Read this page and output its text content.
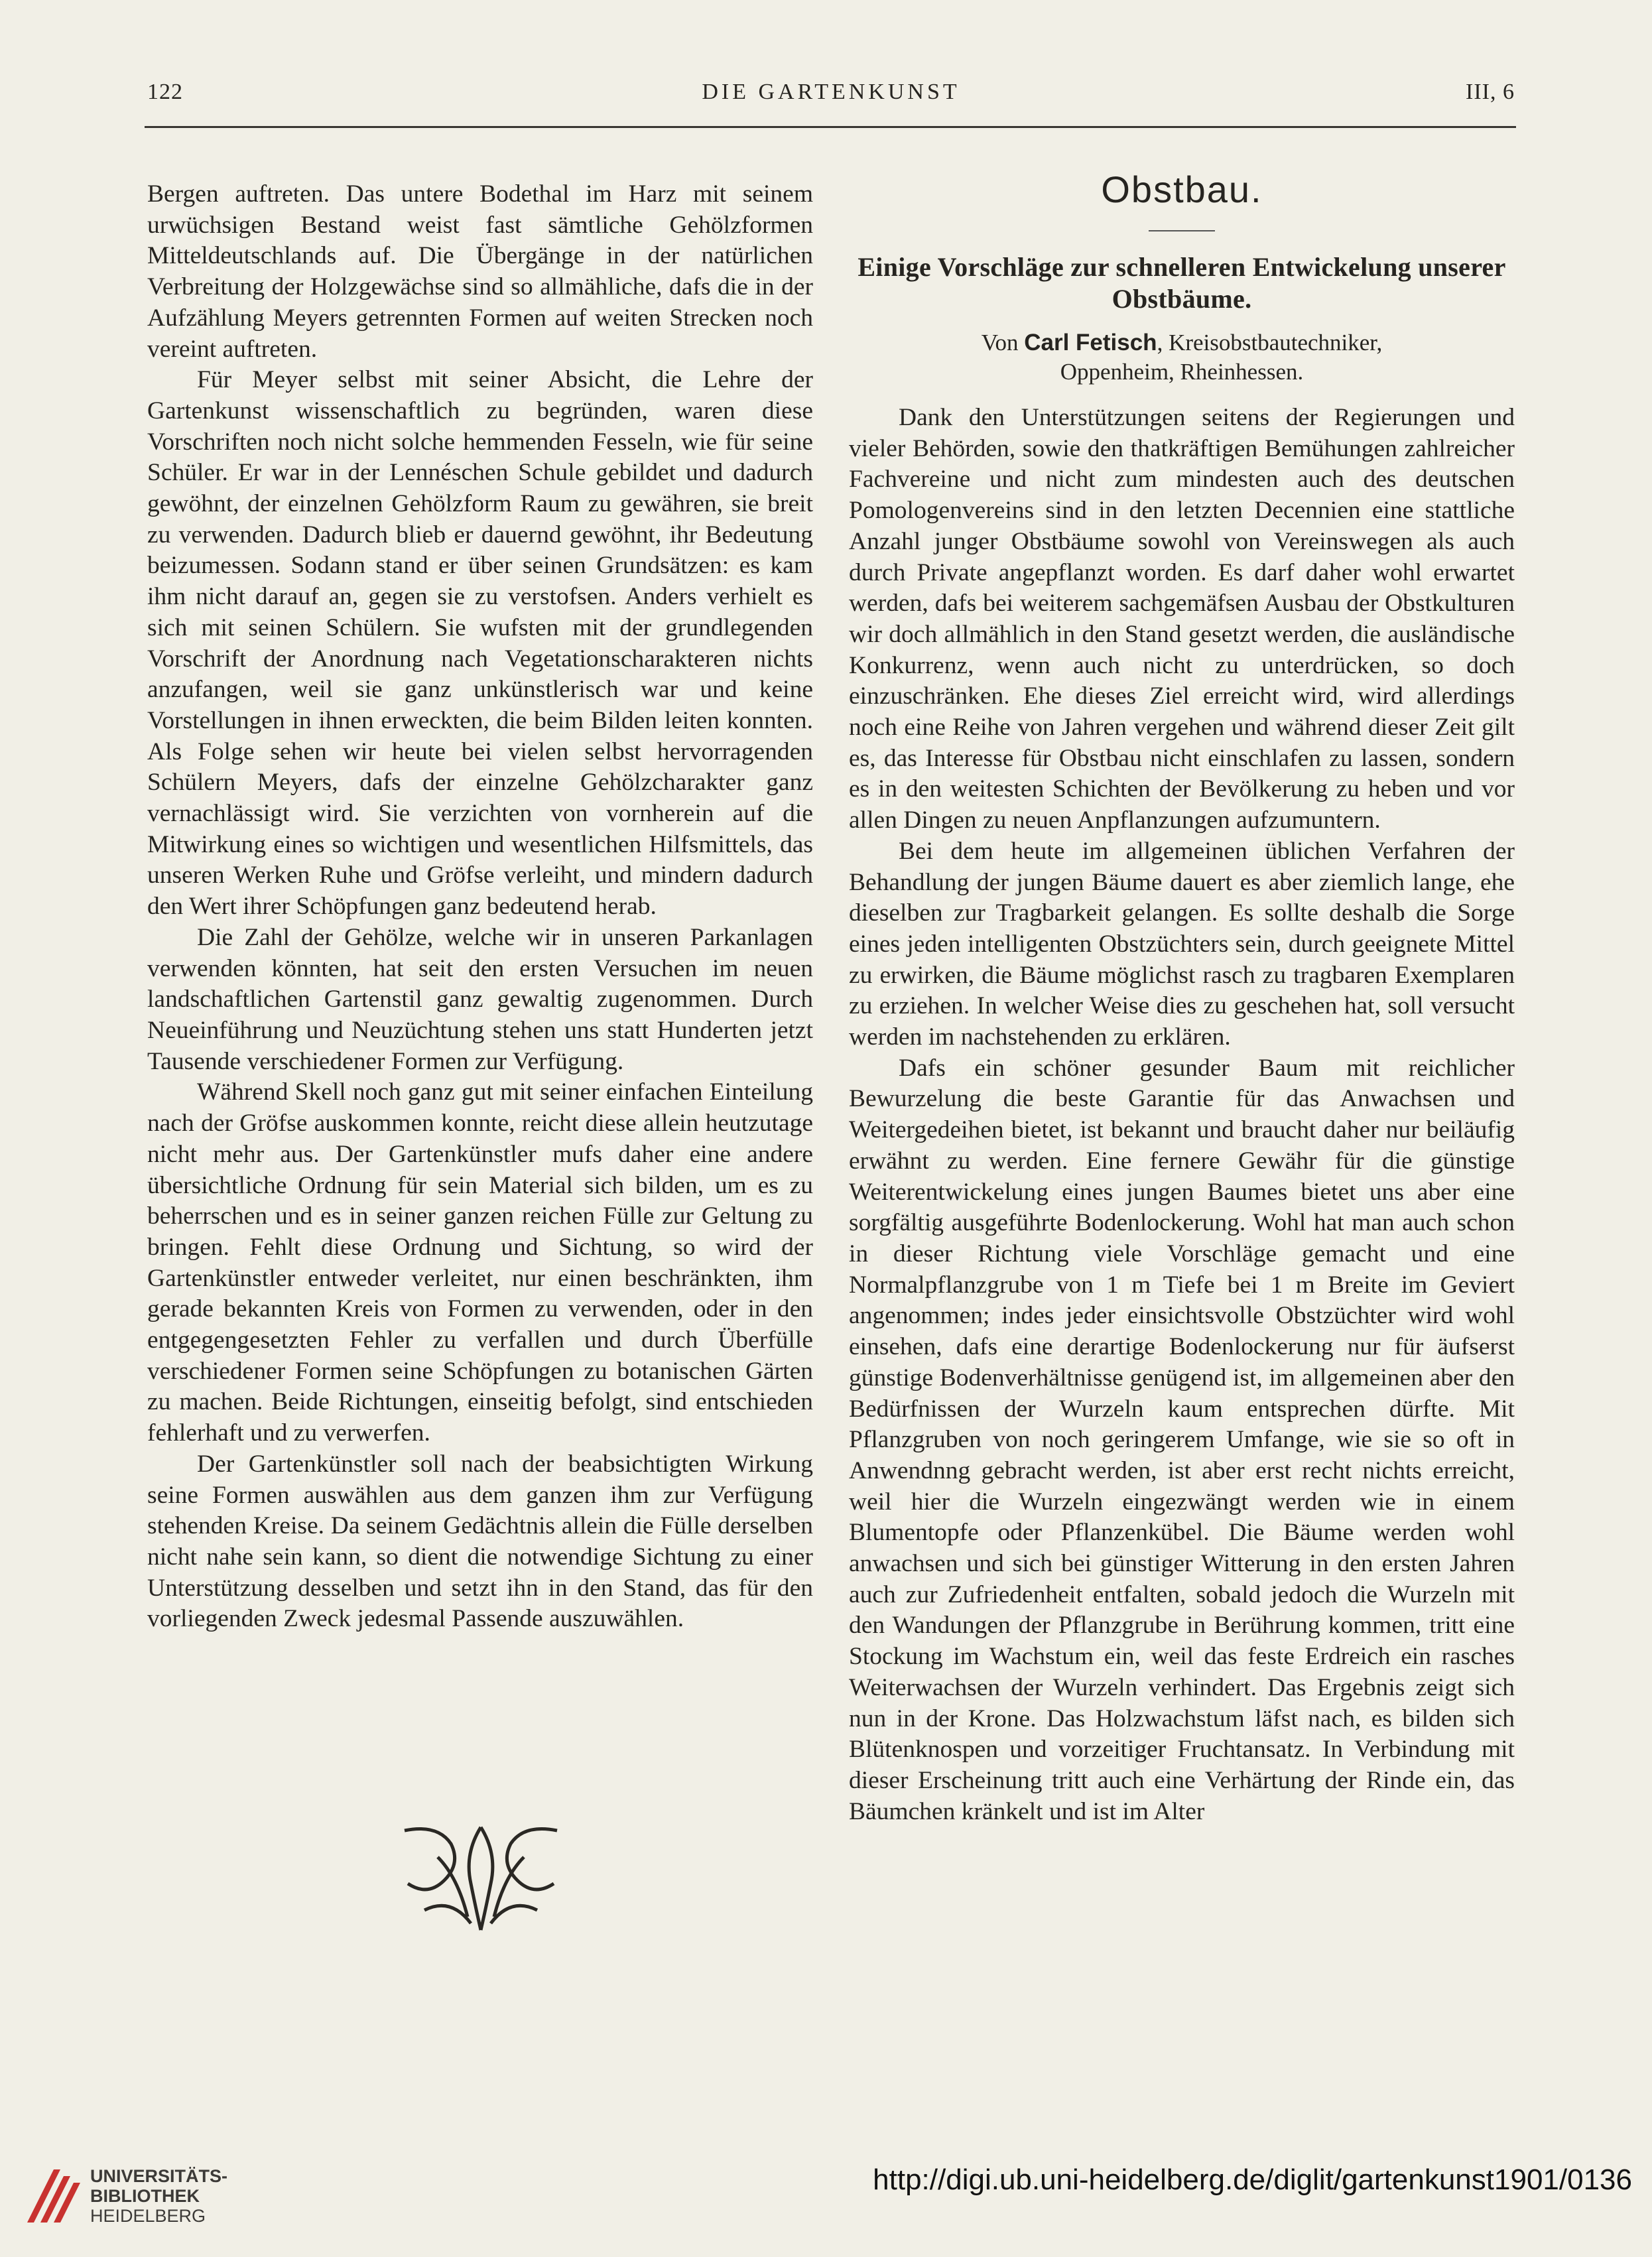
122	DIE GARTENKUNST	III, 6

Bergen auftreten. Das untere Bodethal im Harz mit seinem urwüchsigen Bestand weist fast sämtliche Gehölzformen Mitteldeutschlands auf. Die Übergänge in der natürlichen Verbreitung der Holzgewächse sind so allmähliche, dafs die in der Aufzählung Meyers getrennten Formen auf weiten Strecken noch vereint auftreten.

Für Meyer selbst mit seiner Absicht, die Lehre der Gartenkunst wissenschaftlich zu begründen, waren diese Vorschriften noch nicht solche hemmenden Fesseln, wie für seine Schüler. Er war in der Lennéschen Schule gebildet und dadurch gewöhnt, der einzelnen Gehölzform Raum zu gewähren, sie breit zu verwenden. Dadurch blieb er dauernd gewöhnt, ihr Bedeutung beizumessen. Sodann stand er über seinen Grundsätzen: es kam ihm nicht darauf an, gegen sie zu verstofsen. Anders verhielt es sich mit seinen Schülern. Sie wufsten mit der grundlegenden Vorschrift der Anordnung nach Vegetationscharakteren nichts anzufangen, weil sie ganz unkünstlerisch war und keine Vorstellungen in ihnen erweckten, die beim Bilden leiten konnten. Als Folge sehen wir heute bei vielen selbst hervorragenden Schülern Meyers, dafs der einzelne Gehölzcharakter ganz vernachlässigt wird. Sie verzichten von vornherein auf die Mitwirkung eines so wichtigen und wesentlichen Hilfsmittels, das unseren Werken Ruhe und Gröfse verleiht, und mindern dadurch den Wert ihrer Schöpfungen ganz bedeutend herab.

Die Zahl der Gehölze, welche wir in unseren Parkanlagen verwenden könnten, hat seit den ersten Versuchen im neuen landschaftlichen Gartenstil ganz gewaltig zugenommen. Durch Neueinführung und Neuzüchtung stehen uns statt Hunderten jetzt Tausende verschiedener Formen zur Verfügung.

Während Skell noch ganz gut mit seiner einfachen Einteilung nach der Gröfse auskommen konnte, reicht diese allein heutzutage nicht mehr aus. Der Gartenkünstler mufs daher eine andere übersichtliche Ordnung für sein Material sich bilden, um es zu beherrschen und es in seiner ganzen reichen Fülle zur Geltung zu bringen. Fehlt diese Ordnung und Sichtung, so wird der Gartenkünstler entweder verleitet, nur einen beschränkten, ihm gerade bekannten Kreis von Formen zu verwenden, oder in den entgegengesetzten Fehler zu verfallen und durch Überfülle verschiedener Formen seine Schöpfungen zu botanischen Gärten zu machen. Beide Richtungen, einseitig befolgt, sind entschieden fehlerhaft und zu verwerfen.

Der Gartenkünstler soll nach der beabsichtigten Wirkung seine Formen auswählen aus dem ganzen ihm zur Verfügung stehenden Kreise. Da seinem Gedächtnis allein die Fülle derselben nicht nahe sein kann, so dient die notwendige Sichtung zu einer Unterstützung desselben und setzt ihn in den Stand, das für den vorliegenden Zweck jedesmal Passende auszuwählen.

Obstbau.
Einige Vorschläge zur schnelleren Entwickelung unserer Obstbäume.
Von Carl Fetisch, Kreisobstbautechniker,
Oppenheim, Rheinhessen.

Dank den Unterstützungen seitens der Regierungen und vieler Behörden, sowie den thatkräftigen Bemühungen zahlreicher Fachvereine und nicht zum mindesten auch des deutschen Pomologenvereins sind in den letzten Decennien eine stattliche Anzahl junger Obstbäume sowohl von Vereinswegen als auch durch Private angepflanzt worden. Es darf daher wohl erwartet werden, dafs bei weiterem sachgemäfsen Ausbau der Obstkulturen wir doch allmählich in den Stand gesetzt werden, die ausländische Konkurrenz, wenn auch nicht zu unterdrücken, so doch einzuschränken. Ehe dieses Ziel erreicht wird, wird allerdings noch eine Reihe von Jahren vergehen und während dieser Zeit gilt es, das Interesse für Obstbau nicht einschlafen zu lassen, sondern es in den weitesten Schichten der Bevölkerung zu heben und vor allen Dingen zu neuen Anpflanzungen aufzumuntern.

Bei dem heute im allgemeinen üblichen Verfahren der Behandlung der jungen Bäume dauert es aber ziemlich lange, ehe dieselben zur Tragbarkeit gelangen. Es sollte deshalb die Sorge eines jeden intelligenten Obstzüchters sein, durch geeignete Mittel zu erwirken, die Bäume möglichst rasch zu tragbaren Exemplaren zu erziehen. In welcher Weise dies zu geschehen hat, soll versucht werden im nachstehenden zu erklären.

Dafs ein schöner gesunder Baum mit reichlicher Bewurzelung die beste Garantie für das Anwachsen und Weitergedeihen bietet, ist bekannt und braucht daher nur beiläufig erwähnt zu werden. Eine fernere Gewähr für die günstige Weiterentwickelung eines jungen Baumes bietet uns aber eine sorgfältig ausgeführte Bodenlockerung. Wohl hat man auch schon in dieser Richtung viele Vorschläge gemacht und eine Normalpflanzgrube von 1 m Tiefe bei 1 m Breite im Geviert angenommen; indes jeder einsichtsvolle Obstzüchter wird wohl einsehen, dafs eine derartige Bodenlockerung nur für äufserst günstige Bodenverhältnisse genügend ist, im allgemeinen aber den Bedürfnissen der Wurzeln kaum entsprechen dürfte. Mit Pflanzgruben von noch geringerem Umfange, wie sie so oft in Anwendnng gebracht werden, ist aber erst recht nichts erreicht, weil hier die Wurzeln eingezwängt werden wie in einem Blumentopfe oder Pflanzenkübel. Die Bäume werden wohl anwachsen und sich bei günstiger Witterung in den ersten Jahren auch zur Zufriedenheit entfalten, sobald jedoch die Wurzeln mit den Wandungen der Pflanzgrube in Berührung kommen, tritt eine Stockung im Wachstum ein, weil das feste Erdreich ein rasches Weiterwachsen der Wurzeln verhindert. Das Ergebnis zeigt sich nun in der Krone. Das Holzwachstum läfst nach, es bilden sich Blütenknospen und vorzeitiger Fruchtansatz. In Verbindung mit dieser Erscheinung tritt auch eine Verhärtung der Rinde ein, das Bäumchen kränkelt und ist im Alter

UNIVERSITÄTS-
BIBLIOTHEK
HEIDELBERG
http://digi.ub.uni-heidelberg.de/diglit/gartenkunst1901/0136
